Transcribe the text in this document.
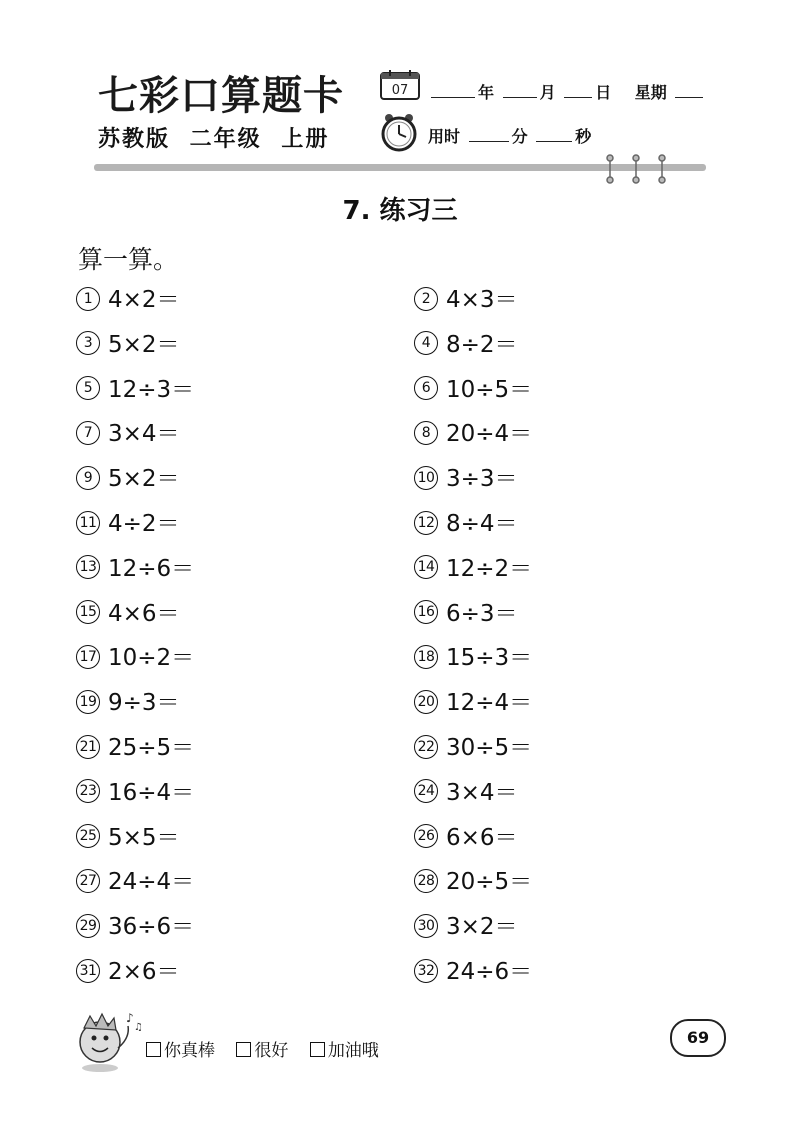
七彩口算题卡
苏教版 二年级 上册
07	年	月 日 星期
用时	分	秒
7. 练习三
算一算。
1 4×2＝	2 4×3＝
3 5×2＝	4 8÷2＝
5 12÷3＝	6 10÷5＝
7 3×4＝	8 20÷4＝
9 5×2＝	10 3÷3＝
11 4÷2＝	12 8÷4＝
13 12÷6＝	14 12÷2＝
15 4×6＝	16 6÷3＝
17 10÷2＝	18 15÷3＝
19 9÷3＝	20 12÷4＝
21 25÷5＝	22 30÷5＝
23 16÷4＝	24 3×4＝
25 5×5＝	26 6×6＝
27 24÷4＝	28 20÷5＝
29 36÷6＝	30 3×2＝
31 2×6＝	32 24÷6＝
♪
♫
你真棒 很好 加油哦
69
